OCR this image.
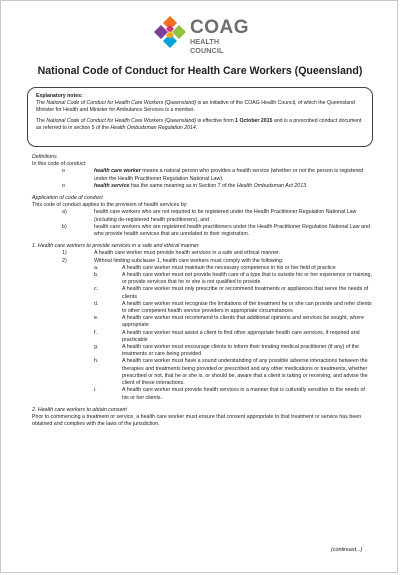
COAG
HEALTH COUNCIL
National Code of Conduct for Health Care Workers (Queensland)

Explanatory notes:

The National Code of Conduct for Health Care Workers (Queensland) is an initiative of the COAG Health Council, of which the Queensland Minister for Health and Minister for Ambulance Services is a member.

The National Code of Conduct for Health Care Workers (Queensland) is effective from 1 October 2015 and is a prescribed conduct document as referred to in section 5 of the Health Ombudsman Regulation 2014.

Definitions

In this code of conduct:

o	health care worker means a natural person who provides a health service (whether or not the person is registered under the Health Practitioner Regulation National Law).
o	health service has the same meaning as in Section 7 of the Health Ombudsman Act 2013.

Application of code of conduct

This code of conduct applies to the provision of health services by:

a)	health care workers who are not required to be registered under the Health Practitioner Regulation National Law (including de-registered health practitioners), and
b)	health care workers who are registered health practitioners under the Health Practitioner Regulation National Law and who provide health services that are unrelated to their registration.

1. Health care workers to provide services in a safe and ethical manner

1)	A health care worker must provide health services in a safe and ethical manner.
2)	Without limiting subclause 1, health care workers must comply with the following:
a.	A health care worker must maintain the necessary competence in his or her field of practice
b.	A health care worker must not provide health care of a type that is outside his or her experience or training, or provide services that he or she is not qualified to provide
c.	A health care worker must only prescribe or recommend treatments or appliances that serve the needs of clients
d.	A health care worker must recognise the limitations of the treatment he or she can provide and refer clients to other competent health service providers in appropriate circumstances
e.	A health care worker must recommend to clients that additional opinions and services be sought, where appropriate
f.	A health care worker must assist a client to find other appropriate health care services, if required and practicable
g.	A health care worker must encourage clients to inform their treating medical practitioner (if any) of the treatments or care being provided
h.	A health care worker must have a sound understanding of any possible adverse interactions between the therapies and treatments being provided or prescribed and any other medications or treatments, whether prescribed or not, that he or she is, or should be, aware that a client is taking or receiving, and advise the client of these interactions.
i.	A health care worker must provide health services in a manner that is culturally sensitive to the needs of his or her clients.

2. Health care workers to obtain consent

Prior to commencing a treatment or service, a health care worker must ensure that consent appropriate to that treatment or service has been obtained and complies with the laws of the jurisdiction.

(continued...)
